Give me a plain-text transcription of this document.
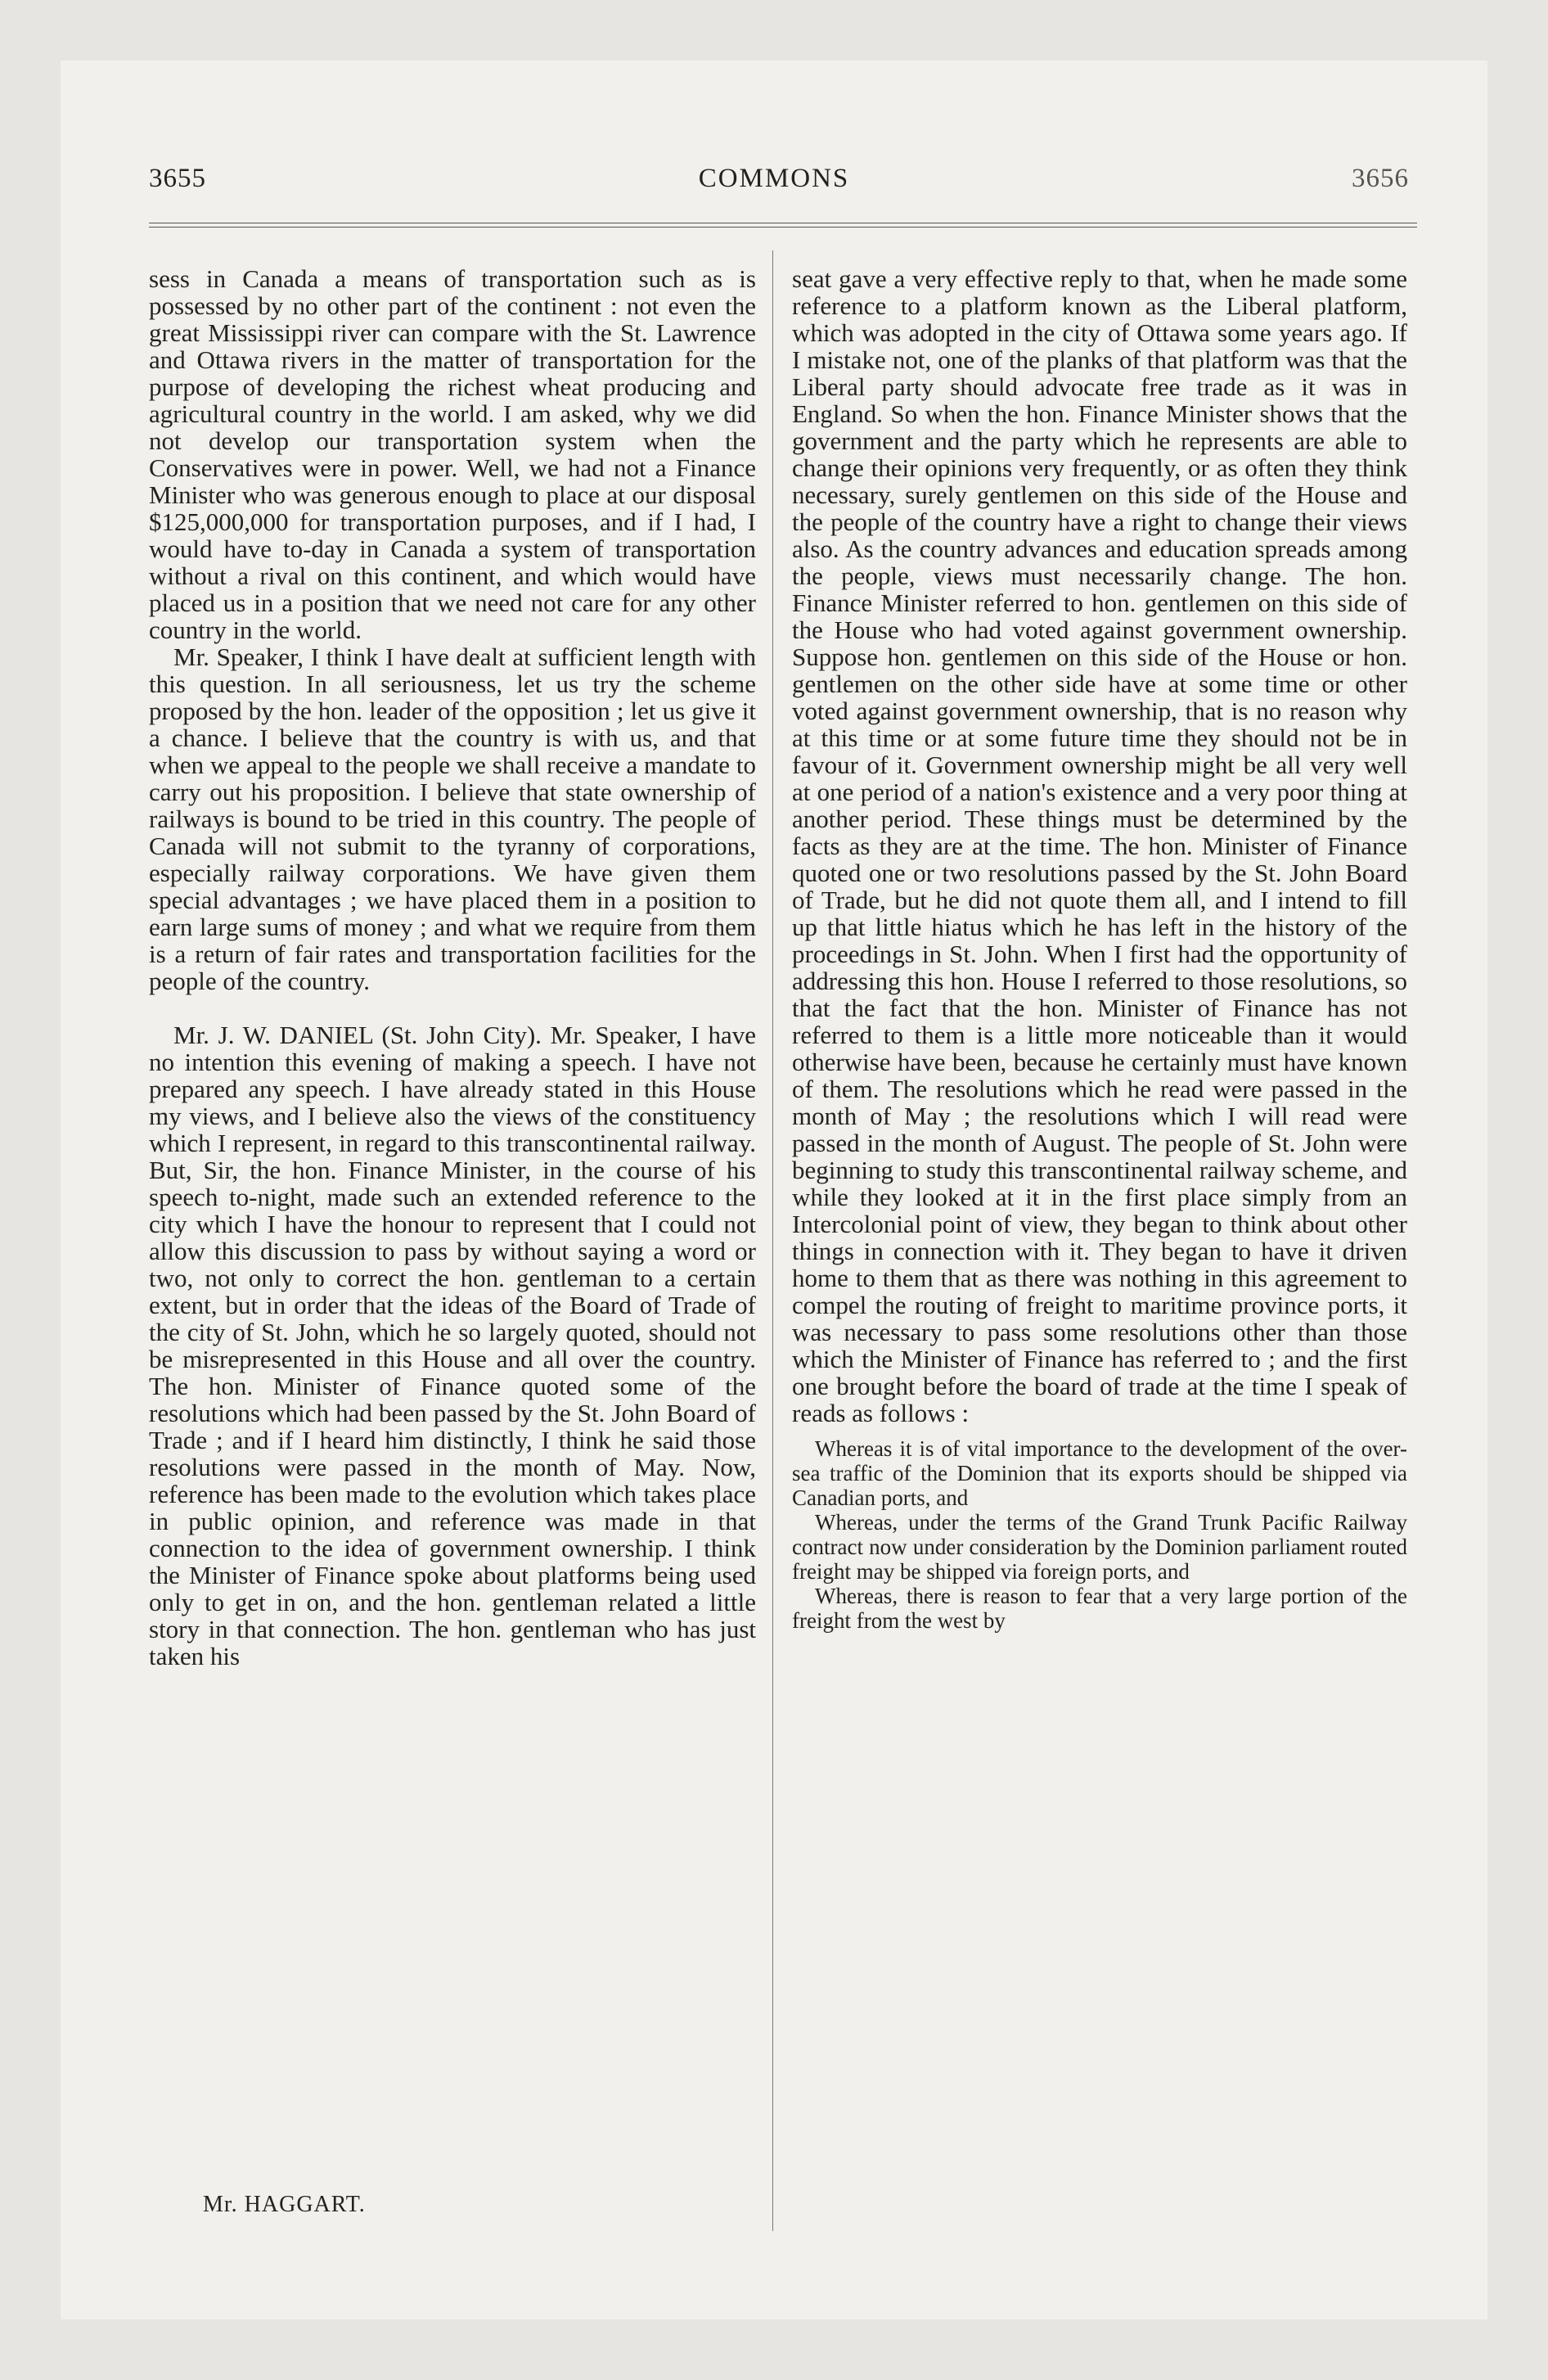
3655	COMMONS	3656

sess in Canada a means of transportation such as is possessed by no other part of the continent : not even the great Mississippi river can compare with the St. Lawrence and Ottawa rivers in the matter of transportation for the purpose of developing the richest wheat producing and agricultural country in the world. I am asked, why we did not develop our transportation system when the Conservatives were in power. Well, we had not a Finance Minister who was generous enough to place at our disposal $125,000,000 for transportation purposes, and if I had, I would have to-day in Canada a system of transportation without a rival on this continent, and which would have placed us in a position that we need not care for any other country in the world.

Mr. Speaker, I think I have dealt at sufficient length with this question. In all seriousness, let us try the scheme proposed by the hon. leader of the opposition ; let us give it a chance. I believe that the country is with us, and that when we appeal to the people we shall receive a mandate to carry out his proposition. I believe that state ownership of railways is bound to be tried in this country. The people of Canada will not submit to the tyranny of corporations, especially railway corporations. We have given them special advantages ; we have placed them in a position to earn large sums of money ; and what we require from them is a return of fair rates and transportation facilities for the people of the country.

Mr. J. W. DANIEL (St. John City). Mr. Speaker, I have no intention this evening of making a speech. I have not prepared any speech. I have already stated in this House my views, and I believe also the views of the constituency which I represent, in regard to this transcontinental railway. But, Sir, the hon. Finance Minister, in the course of his speech to-night, made such an extended reference to the city which I have the honour to represent that I could not allow this discussion to pass by without saying a word or two, not only to correct the hon. gentleman to a certain extent, but in order that the ideas of the Board of Trade of the city of St. John, which he so largely quoted, should not be misrepresented in this House and all over the country. The hon. Minister of Finance quoted some of the resolutions which had been passed by the St. John Board of Trade ; and if I heard him distinctly, I think he said those resolutions were passed in the month of May. Now, reference has been made to the evolution which takes place in public opinion, and reference was made in that connection to the idea of government ownership. I think the Minister of Finance spoke about platforms being used only to get in on, and the hon. gentleman related a little story in that connection. The hon. gentleman who has just taken his

seat gave a very effective reply to that, when he made some reference to a platform known as the Liberal platform, which was adopted in the city of Ottawa some years ago. If I mistake not, one of the planks of that platform was that the Liberal party should advocate free trade as it was in England. So when the hon. Finance Minister shows that the government and the party which he represents are able to change their opinions very frequently, or as often they think necessary, surely gentlemen on this side of the House and the people of the country have a right to change their views also. As the country advances and education spreads among the people, views must necessarily change. The hon. Finance Minister referred to hon. gentlemen on this side of the House who had voted against government ownership. Suppose hon. gentlemen on this side of the House or hon. gentlemen on the other side have at some time or other voted against government ownership, that is no reason why at this time or at some future time they should not be in favour of it. Government ownership might be all very well at one period of a nation's existence and a very poor thing at another period. These things must be determined by the facts as they are at the time. The hon. Minister of Finance quoted one or two resolutions passed by the St. John Board of Trade, but he did not quote them all, and I intend to fill up that little hiatus which he has left in the history of the proceedings in St. John. When I first had the opportunity of addressing this hon. House I referred to those resolutions, so that the fact that the hon. Minister of Finance has not referred to them is a little more noticeable than it would otherwise have been, because he certainly must have known of them. The resolutions which he read were passed in the month of May ; the resolutions which I will read were passed in the month of August. The people of St. John were beginning to study this transcontinental railway scheme, and while they looked at it in the first place simply from an Intercolonial point of view, they began to think about other things in connection with it. They began to have it driven home to them that as there was nothing in this agreement to compel the routing of freight to maritime province ports, it was necessary to pass some resolutions other than those which the Minister of Finance has referred to ; and the first one brought before the board of trade at the time I speak of reads as follows :

Whereas it is of vital importance to the development of the over-sea traffic of the Dominion that its exports should be shipped via Canadian ports, and

Whereas, under the terms of the Grand Trunk Pacific Railway contract now under consideration by the Dominion parliament routed freight may be shipped via foreign ports, and

Whereas, there is reason to fear that a very large portion of the freight from the west by

Mr. HAGGART.
